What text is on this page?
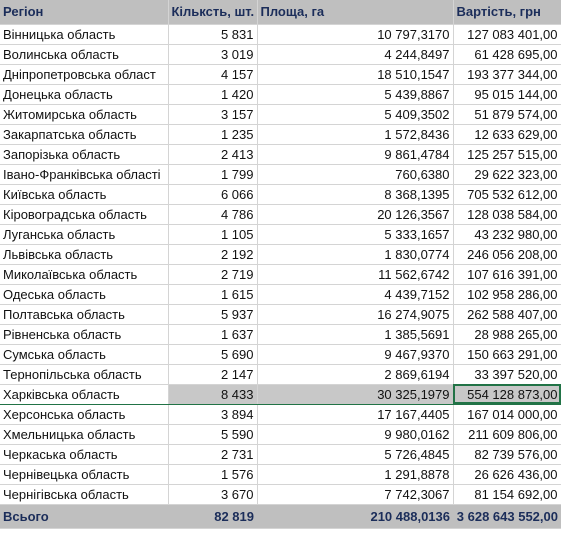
Регіон	Кільксть, шт.	Площа, га	Вартість, грн
Вінницька область	5 831	10 797,3170	127 083 401,00
Волинська область	3 019	4 244,8497	61 428 695,00
Дніпропетровська област	4 157	18 510,1547	193 377 344,00
Донецька область	1 420	5 439,8867	95 015 144,00
Житомирська область	3 157	5 409,3502	51 879 574,00
Закарпатська область	1 235	1 572,8436	12 633 629,00
Запорізька область	2 413	9 861,4784	125 257 515,00
Івано-Франківська області	1 799	760,6380	29 622 323,00
Київська область	6 066	8 368,1395	705 532 612,00
Кіровоградська область	4 786	20 126,3567	128 038 584,00
Луганська область	1 105	5 333,1657	43 232 980,00
Львівська область	2 192	1 830,0774	246 056 208,00
Миколаївська область	2 719	11 562,6742	107 616 391,00
Одеська область	1 615	4 439,7152	102 958 286,00
Полтавська область	5 937	16 274,9075	262 588 407,00
Рівненська область	1 637	1 385,5691	28 988 265,00
Сумська область	5 690	9 467,9370	150 663 291,00
Тернопільська область	2 147	2 869,6194	33 397 520,00
Харківська область	8 433	30 325,1979	554 128 873,00
Херсонська область	3 894	17 167,4405	167 014 000,00
Хмельницька область	5 590	9 980,0162	211 609 806,00
Черкаська область	2 731	5 726,4845	82 739 576,00
Чернівецька область	1 576	1 291,8878	26 626 436,00
Чернігівська область	3 670	7 742,3067	81 154 692,00
Всього	82 819	210 488,0136	3 628 643 552,00
